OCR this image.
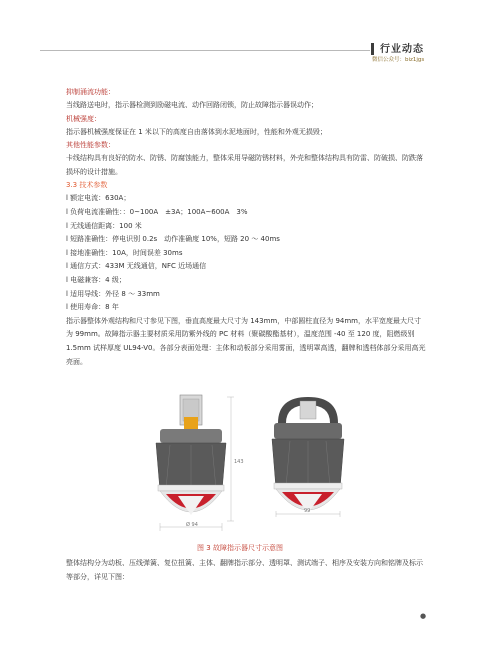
行业动态
微信公众号：biz1jgs

抑制涌流功能：

当线路送电时，指示器检测到励磁电流、动作回路闭锁，防止故障指示器误动作；

机械强度：

指示器机械强度保证在 1 米以下的高度自由落体到水泥地面时，性能和外观无损毁；

其他性能参数：

卡线结构具有良好的防水、防锈、防腐蚀能力，整体采用导磁防锈材料，外壳和整体结构具有防雷、防破损、防跌落损坏的设计措施。

3.3 技术参数

l 额定电流：630A；

l 负荷电流准确性：：0~100A　±3A；100A~600A　3%

l 无线通信距离：100 米

l 短路准确性：停电识别 0.2s　动作准确度 10%，短路 20 ～ 40ms

l 接地准确性：10A，时间误差 30ms

l 通信方式：433M 无线通信，NFC 近场通信

l 电磁兼容：4 级；

l 适用导线：外径 8 ～ 33mm

l 使用寿命：8 年

指示器整体外观结构和尺寸参见下图，垂直高度最大尺寸为 143mm，中部圆柱直径为 94mm，水平宽度最大尺寸为 99mm。故障指示器主要材质采用防紫外线的 PC 材料（聚碳酸酯基材），温度范围 -40 至 120 度，阻燃级别 1.5mm 试样厚度 UL94-V0。各部分表面处理：主体和动板部分采用雾面，透明罩高透，翻牌和透档体部分采用高光亮面。

143
Ø 94
99
图 3 故障指示器尺寸示意图

整体结构分为动板、压线弹簧、复位扭簧、主体、翻牌指示部分、透明罩、测试端子、相序及安装方向和铭牌及标示等部分，详见下图：

●
